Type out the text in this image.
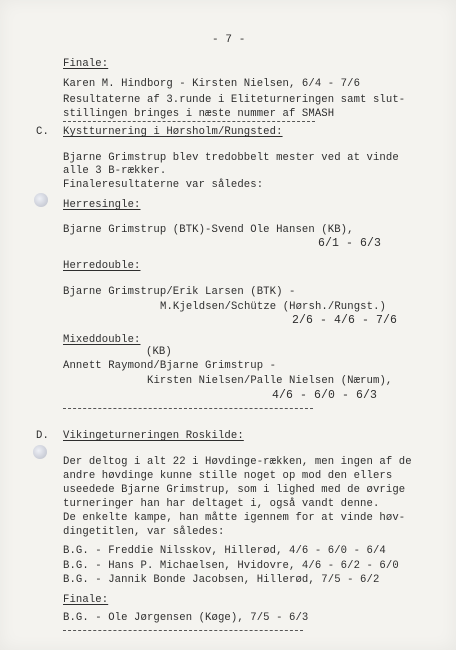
- 7 -
Finale:
Karen M. Hindborg - Kirsten Nielsen, 6/4 - 7/6
Resultaterne af 3.runde i Eliteturneringen samt slut-
stillingen bringes i næste nummer af SMASH
C. Kystturnering i Hørsholm/Rungsted:
Bjarne Grimstrup blev tredobbelt mester ved at vinde
alle 3 B-rækker.
Finaleresultaterne var således:
Herresingle:
Bjarne Grimstrup (BTK)-Svend Ole Hansen (KB),
6/1 - 6/3
Herredouble:
Bjarne Grimstrup/Erik Larsen (BTK) -
M.Kjeldsen/Schütze (Hørsh./Rungst.)
2/6 - 4/6 - 7/6
Mixeddouble:
(KB)
Annett Raymond/Bjarne Grimstrup -
Kirsten Nielsen/Palle Nielsen (Nærum),
4/6 - 6/0 - 6/3
D. Vikingeturneringen Roskilde:
Der deltog i alt 22 i Høvdinge-rækken, men ingen af de
andre høvdinge kunne stille noget op mod den ellers
useedede Bjarne Grimstrup, som i lighed med de øvrige
turneringer han har deltaget i, også vandt denne.
De enkelte kampe, han måtte igennem for at vinde høv-
dingetitlen, var således:
B.G. - Freddie Nilsskov, Hillerød, 4/6 - 6/0 - 6/4
B.G. - Hans P. Michaelsen, Hvidovre, 4/6 - 6/2 - 6/0
B.G. - Jannik Bonde Jacobsen, Hillerød, 7/5 - 6/2
Finale:
B.G. - Ole Jørgensen (Køge), 7/5 - 6/3
